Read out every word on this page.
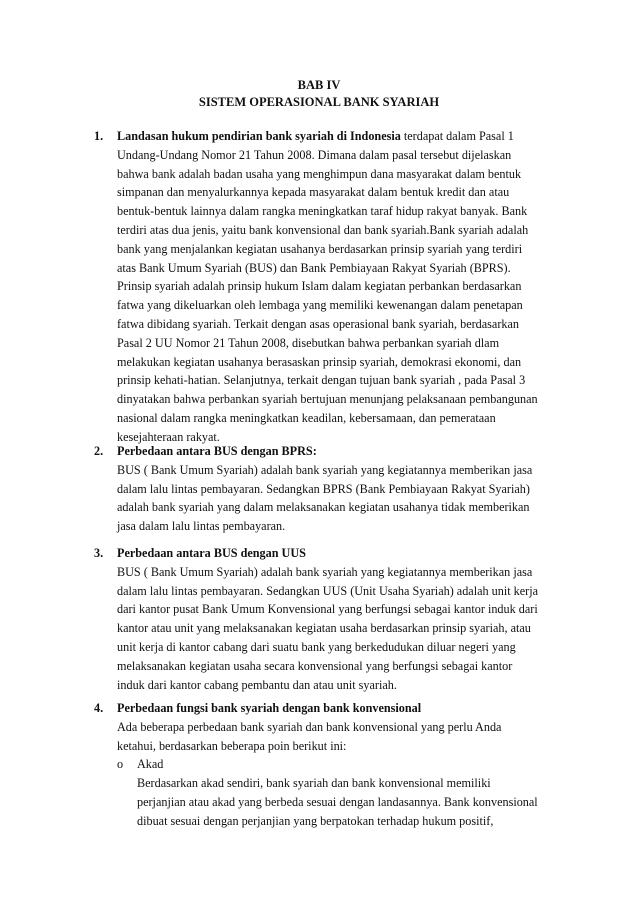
BAB IV
SISTEM OPERASIONAL BANK SYARIAH
1. Landasan hukum pendirian bank syariah di Indonesia terdapat dalam Pasal 1
Undang-Undang Nomor 21 Tahun 2008. Dimana dalam pasal tersebut dijelaskan
bahwa bank adalah badan usaha yang menghimpun dana masyarakat dalam bentuk
simpanan dan menyalurkannya kepada masyarakat dalam bentuk kredit dan atau
bentuk-bentuk lainnya dalam rangka meningkatkan taraf hidup rakyat banyak. Bank
terdiri atas dua jenis, yaitu bank konvensional dan bank syariah.Bank syariah adalah
bank yang menjalankan kegiatan usahanya berdasarkan prinsip syariah yang terdiri
atas Bank Umum Syariah (BUS) dan Bank Pembiayaan Rakyat Syariah (BPRS).
Prinsip syariah adalah prinsip hukum Islam dalam kegiatan perbankan berdasarkan
fatwa yang dikeluarkan oleh lembaga yang memiliki kewenangan dalam penetapan
fatwa dibidang syariah. Terkait dengan asas operasional bank syariah, berdasarkan
Pasal 2 UU Nomor 21 Tahun 2008, disebutkan bahwa perbankan syariah dlam
melakukan kegiatan usahanya berasaskan prinsip syariah, demokrasi ekonomi, dan
prinsip kehati-hatian. Selanjutnya, terkait dengan tujuan bank syariah , pada Pasal 3
dinyatakan bahwa perbankan syariah bertujuan menunjang pelaksanaan pembangunan
nasional dalam rangka meningkatkan keadilan, kebersamaan, dan pemerataan
kesejahteraan rakyat.
2. Perbedaan antara BUS dengan BPRS:
BUS ( Bank Umum Syariah) adalah bank syariah yang kegiatannya memberikan jasa
dalam lalu lintas pembayaran. Sedangkan BPRS (Bank Pembiayaan Rakyat Syariah)
adalah bank syariah yang dalam melaksanakan kegiatan usahanya tidak memberikan
jasa dalam lalu lintas pembayaran.
3. Perbedaan antara BUS dengan UUS
BUS ( Bank Umum Syariah) adalah bank syariah yang kegiatannya memberikan jasa
dalam lalu lintas pembayaran. Sedangkan UUS (Unit Usaha Syariah) adalah unit kerja
dari kantor pusat Bank Umum Konvensional yang berfungsi sebagai kantor induk dari
kantor atau unit yang melaksanakan kegiatan usaha berdasarkan prinsip syariah, atau
unit kerja di kantor cabang dari suatu bank yang berkedudukan diluar negeri yang
melaksanakan kegiatan usaha secara konvensional yang berfungsi sebagai kantor
induk dari kantor cabang pembantu dan atau unit syariah.
4. Perbedaan fungsi bank syariah dengan bank konvensional
Ada beberapa perbedaan bank syariah dan bank konvensional yang perlu Anda
ketahui, berdasarkan beberapa poin berikut ini:
o Akad
Berdasarkan akad sendiri, bank syariah dan bank konvensional memiliki
perjanjian atau akad yang berbeda sesuai dengan landasannya. Bank konvensional
dibuat sesuai dengan perjanjian yang berpatokan terhadap hukum positif,
